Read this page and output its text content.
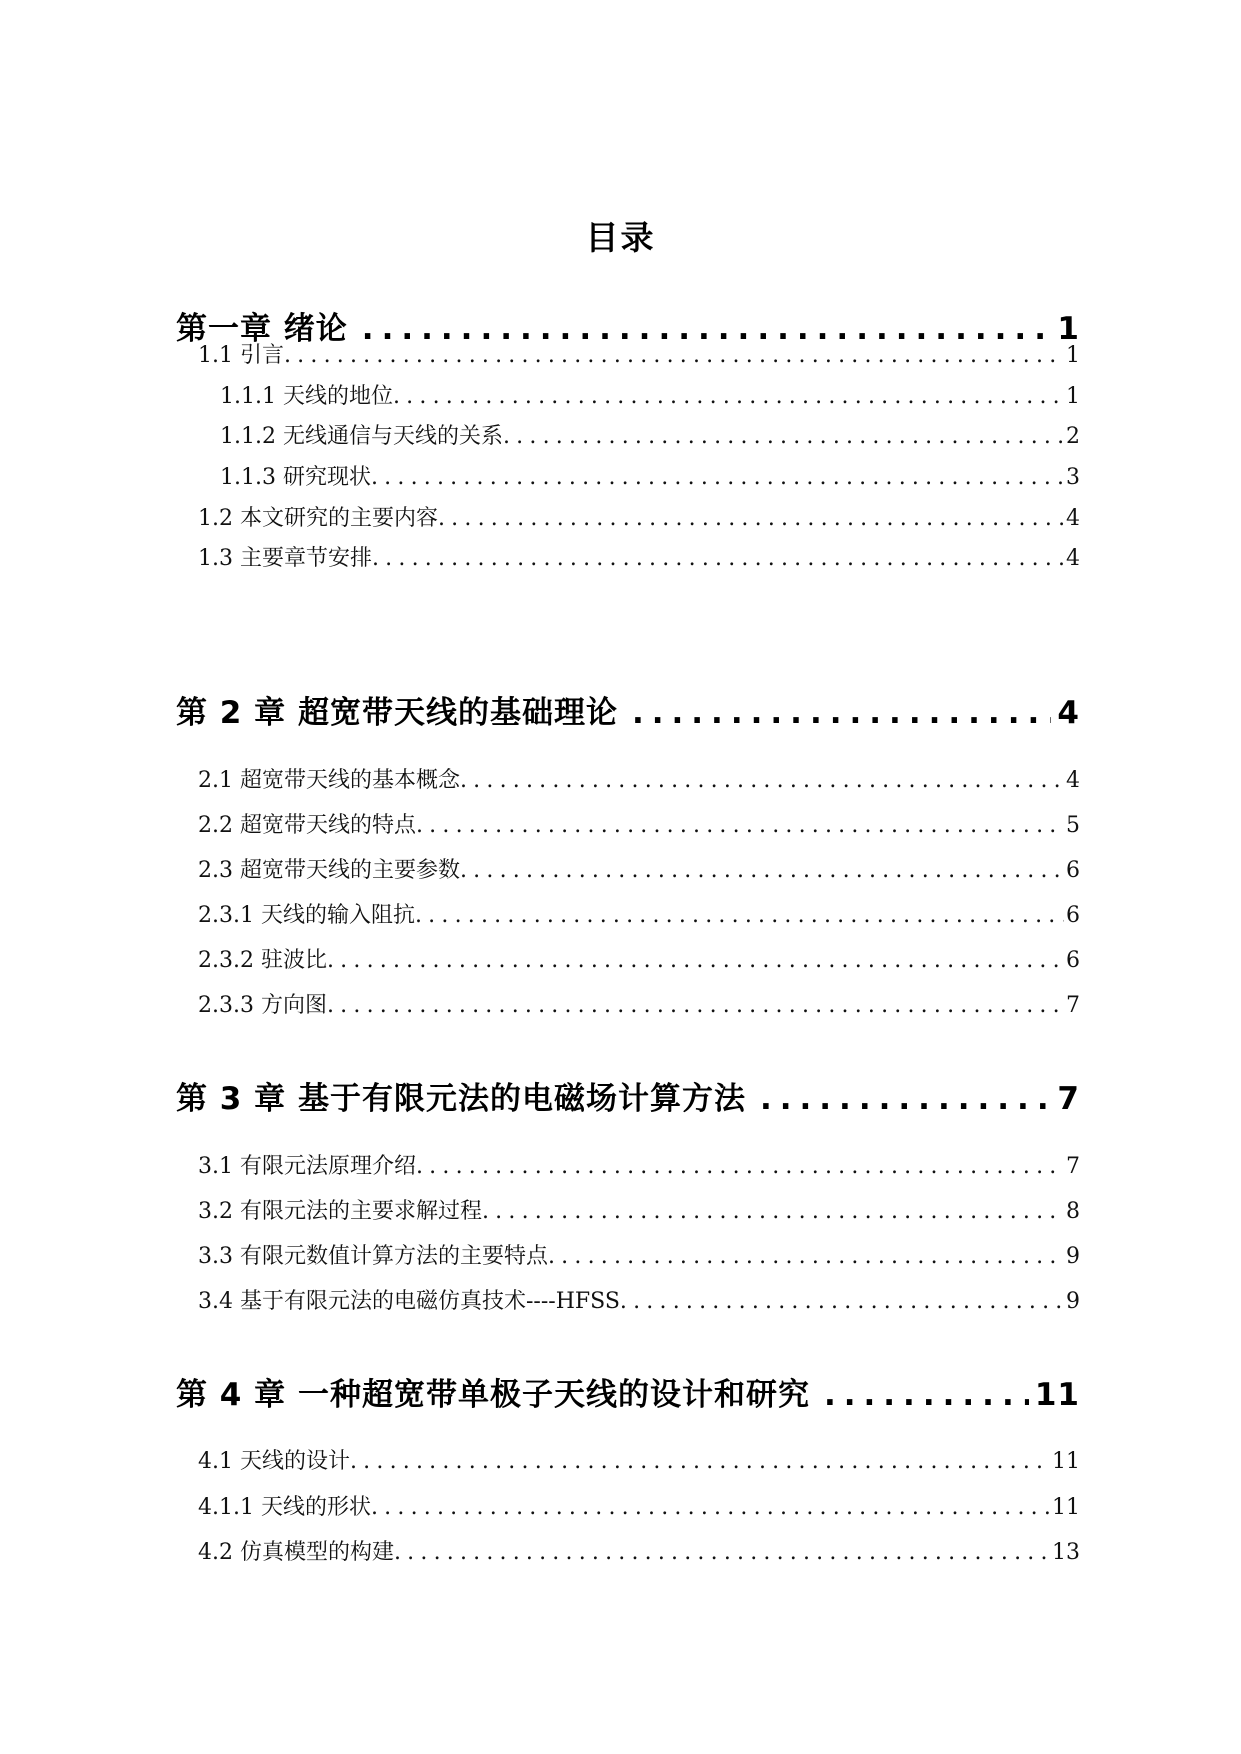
目录
第一章 绪论 .....	1
1.1 引言 .....	1
1.1.1 天线的地位 .....	1
1.1.2 无线通信与天线的关系 .....	2
1.1.3 研究现状 .....	3
1.2 本文研究的主要内容 .....	4
1.3 主要章节安排 .....	4
第 2 章 超宽带天线的基础理论 .....	4
2.1 超宽带天线的基本概念 .....	4
2.2 超宽带天线的特点 .....	5
2.3 超宽带天线的主要参数 .....	6
2.3.1 天线的输入阻抗 .....	6
2.3.2 驻波比 .....	6
2.3.3 方向图 .....	7
第 3 章 基于有限元法的电磁场计算方法 .....	7
3.1 有限元法原理介绍 .....	7
3.2 有限元法的主要求解过程 .....	8
3.3 有限元数值计算方法的主要特点 .....	9
3.4 基于有限元法的电磁仿真技术----HFSS .....	9
第 4 章 一种超宽带单极子天线的设计和研究 .....	11
4.1 天线的设计 .....	11
4.1.1 天线的形状 .....	11
4.2 仿真模型的构建 .....	13
